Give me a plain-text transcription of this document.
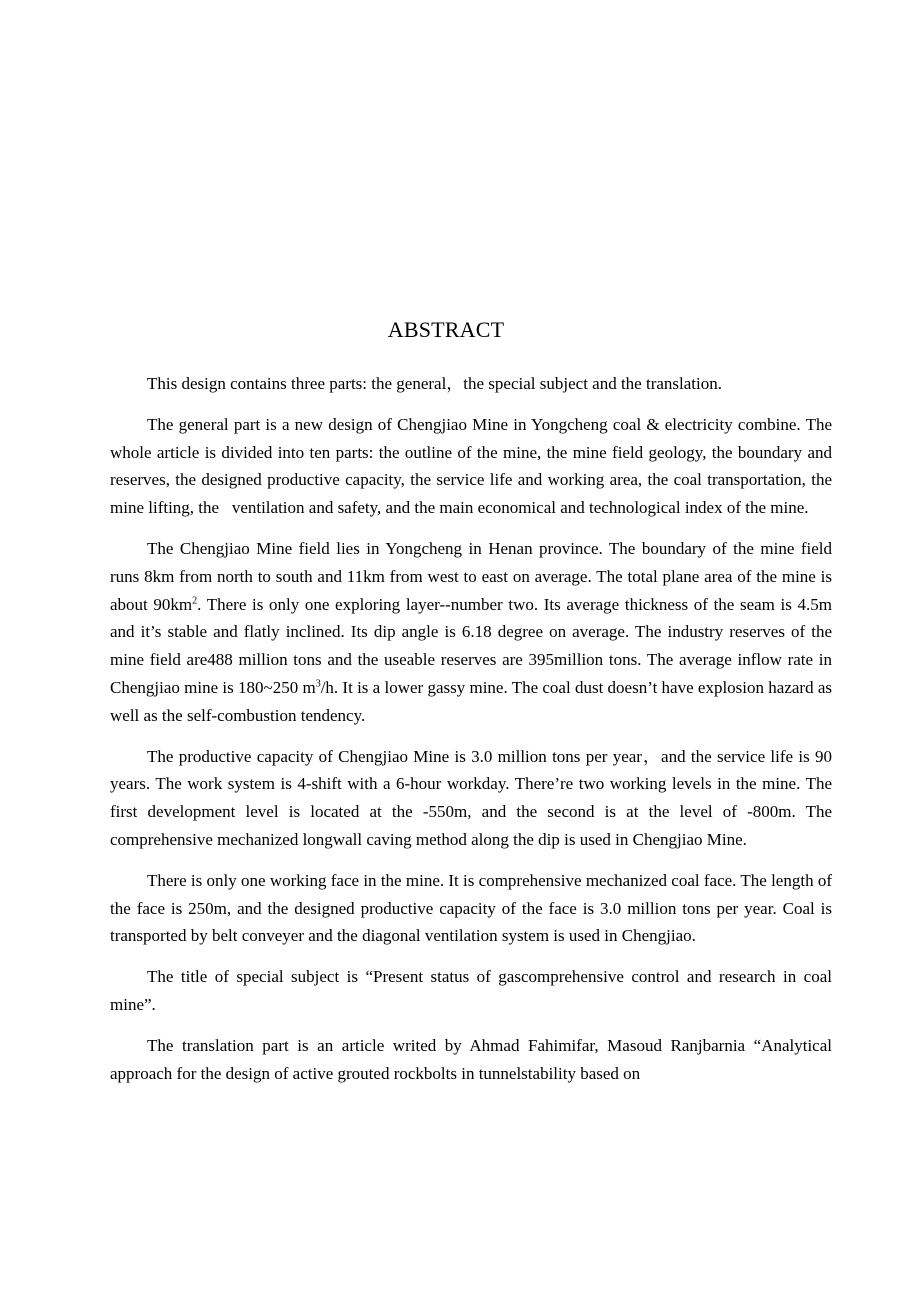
ABSTRACT

This design contains three parts: the general，the special subject and the translation.

The general part is a new design of Chengjiao Mine in Yongcheng coal & electricity combine. The whole article is divided into ten parts: the outline of the mine, the mine field geology, the boundary and reserves, the designed productive capacity, the service life and working area, the coal transportation, the mine lifting, the   ventilation and safety, and the main economical and technological index of the mine.

The Chengjiao Mine field lies in Yongcheng in Henan province. The boundary of the mine field runs 8km from north to south and 11km from west to east on average. The total plane area of the mine is about $90km^2$. There is only one exploring layer--number two. Its average thickness of the seam is 4.5m and it’s stable and flatly inclined. Its dip angle is 6.18 degree on average. The industry reserves of the mine field are488 million tons and the useable reserves are 395million tons. The average inflow rate in Chengjiao mine is 180~250 $m^3/h$. It is a lower gassy mine. The coal dust doesn’t have explosion hazard as well as the self-combustion tendency.

The productive capacity of Chengjiao Mine is 3.0 million tons per year，and the service life is 90 years. The work system is 4-shift with a 6-hour workday. There’re two working levels in the mine. The first development level is located at the -550m, and the second is at the level of -800m. The comprehensive mechanized longwall caving method along the dip is used in Chengjiao Mine.

There is only one working face in the mine. It is comprehensive mechanized coal face. The length of the face is 250m, and the designed productive capacity of the face is 3.0 million tons per year. Coal is transported by belt conveyer and the diagonal ventilation system is used in Chengjiao.

The title of special subject is “Present status of gascomprehensive control and research in coal mine”.

The translation part is an article writed by Ahmad Fahimifar, Masoud Ranjbarnia “Analytical approach for the design of active grouted rockbolts in tunnelstability based on
